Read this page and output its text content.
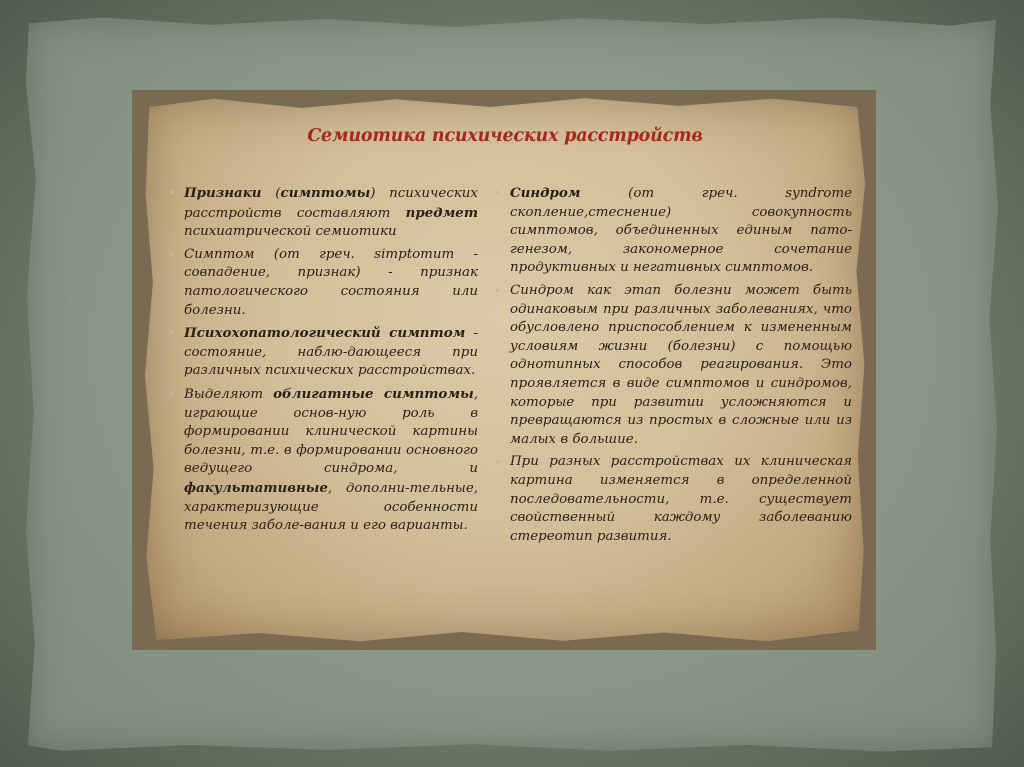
Семиотика психических расстройств

• Признаки (симптомы) психических расстройств составляют предмет психиатрической семиотики

• Симптом (от греч. simptomum - совпадение, признак) - признак патологического состояния или болезни.

• Психохопатологический симптом - состояние, наблю-дающееся при различных психических расстройствах.

• Выделяют облигатные симптомы, играющие основ-ную роль в формировании клинической картины болезни, т.е. в формировании основного ведущего синдрома, и факультативные, дополни-тельные, характеризующие особенности течения заболе-вания и его варианты.

• Синдром (от греч. syndrome скопление,стеснение) совокупность симптомов, объединенных единым пато-генезом, закономерное сочетание продуктивных и негативных симптомов.

• Синдром как этап болезни может быть одинаковым при различных заболеваниях, что обусловлено приспособлением к измененным условиям жизни (болезни) с помощью однотипных способов реагирования. Это проявляется в виде симптомов и синдромов, которые при развитии усложняются и превращаются из простых в сложные или из малых в большие.

• При разных расстройствах их клиническая картина изменяется в определенной последовательности, т.е. существует свойственный каждому заболеванию стереотип развития.
